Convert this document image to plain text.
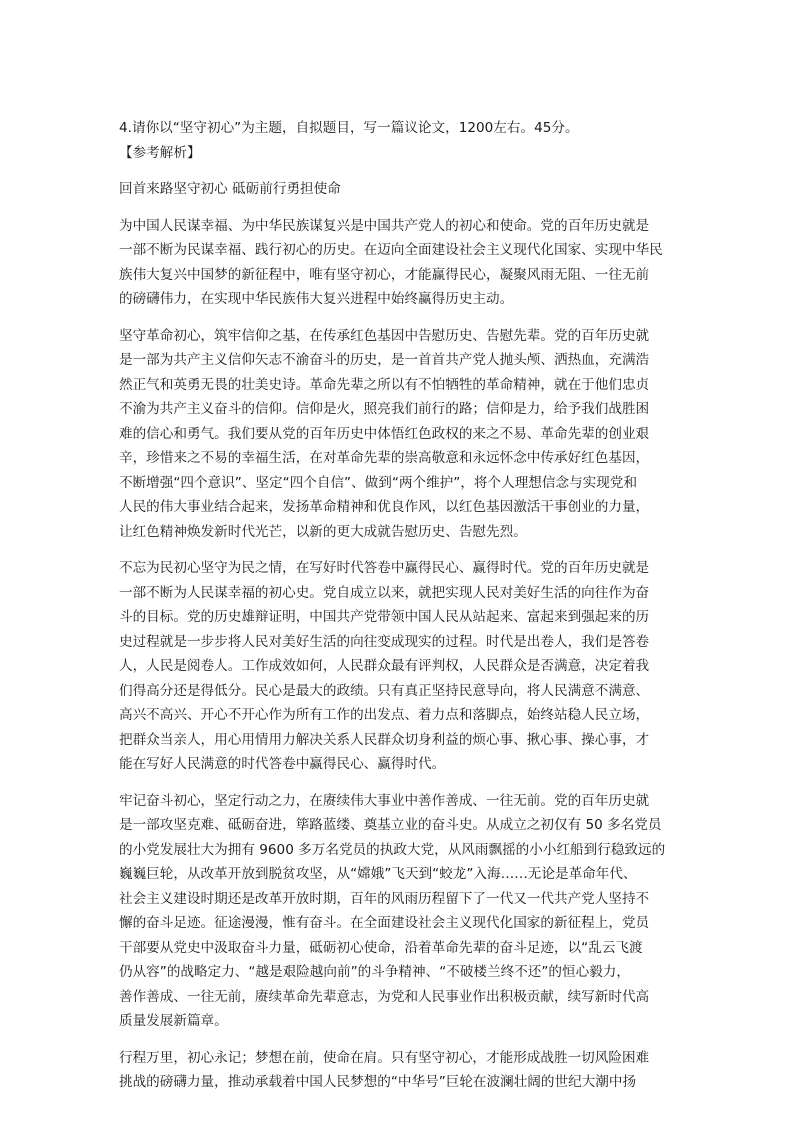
4.请你以“坚守初心”为主题，自拟题目，写一篇议论文，1200左右。45分。
【参考解析】
回首来路坚守初心 砥砺前行勇担使命
为中国人民谋幸福、为中华民族谋复兴是中国共产党人的初心和使命。党的百年历史就是
一部不断为民谋幸福、践行初心的历史。在迈向全面建设社会主义现代化国家、实现中华民
族伟大复兴中国梦的新征程中，唯有坚守初心，才能赢得民心，凝聚风雨无阻、一往无前
的磅礴伟力，在实现中华民族伟大复兴进程中始终赢得历史主动。
坚守革命初心，筑牢信仰之基，在传承红色基因中告慰历史、告慰先辈。党的百年历史就
是一部为共产主义信仰矢志不渝奋斗的历史，是一首首共产党人抛头颅、洒热血，充满浩
然正气和英勇无畏的壮美史诗。革命先辈之所以有不怕牺牲的革命精神，就在于他们忠贞
不渝为共产主义奋斗的信仰。信仰是火，照亮我们前行的路；信仰是力，给予我们战胜困
难的信心和勇气。我们要从党的百年历史中体悟红色政权的来之不易、革命先辈的创业艰
辛，珍惜来之不易的幸福生活，在对革命先辈的崇高敬意和永远怀念中传承好红色基因，
不断增强“四个意识”、坚定“四个自信”、做到“两个维护”，将个人理想信念与实现党和
人民的伟大事业结合起来，发扬革命精神和优良作风，以红色基因激活干事创业的力量，
让红色精神焕发新时代光芒，以新的更大成就告慰历史、告慰先烈。
不忘为民初心坚守为民之情，在写好时代答卷中赢得民心、赢得时代。党的百年历史就是
一部不断为人民谋幸福的初心史。党自成立以来，就把实现人民对美好生活的向往作为奋
斗的目标。党的历史雄辩证明，中国共产党带领中国人民从站起来、富起来到强起来的历
史过程就是一步步将人民对美好生活的向往变成现实的过程。时代是出卷人，我们是答卷
人，人民是阅卷人。工作成效如何，人民群众最有评判权，人民群众是否满意，决定着我
们得高分还是得低分。民心是最大的政绩。只有真正坚持民意导向，将人民满意不满意、
高兴不高兴、开心不开心作为所有工作的出发点、着力点和落脚点，始终站稳人民立场，
把群众当亲人，用心用情用力解决关系人民群众切身利益的烦心事、揪心事、操心事，才
能在写好人民满意的时代答卷中赢得民心、赢得时代。
牢记奋斗初心，坚定行动之力，在赓续伟大事业中善作善成、一往无前。党的百年历史就
是一部攻坚克难、砥砺奋进，筚路蓝缕、奠基立业的奋斗史。从成立之初仅有 50 多名党员
的小党发展壮大为拥有 9600 多万名党员的执政大党，从风雨飘摇的小小红船到行稳致远的
巍巍巨轮，从改革开放到脱贫攻坚，从“嫦娥”飞天到“蛟龙”入海……无论是革命年代、
社会主义建设时期还是改革开放时期，百年的风雨历程留下了一代又一代共产党人坚持不
懈的奋斗足迹。征途漫漫，惟有奋斗。在全面建设社会主义现代化国家的新征程上，党员
干部要从党史中汲取奋斗力量，砥砺初心使命，沿着革命先辈的奋斗足迹，以“乱云飞渡
仍从容”的战略定力、“越是艰险越向前”的斗争精神、“不破楼兰终不还”的恒心毅力，
善作善成、一往无前，赓续革命先辈意志，为党和人民事业作出积极贡献，续写新时代高
质量发展新篇章。
行程万里，初心永记；梦想在前，使命在肩。只有坚守初心，才能形成战胜一切风险困难
挑战的磅礴力量，推动承载着中国人民梦想的“中华号”巨轮在波澜壮阔的世纪大潮中扬
